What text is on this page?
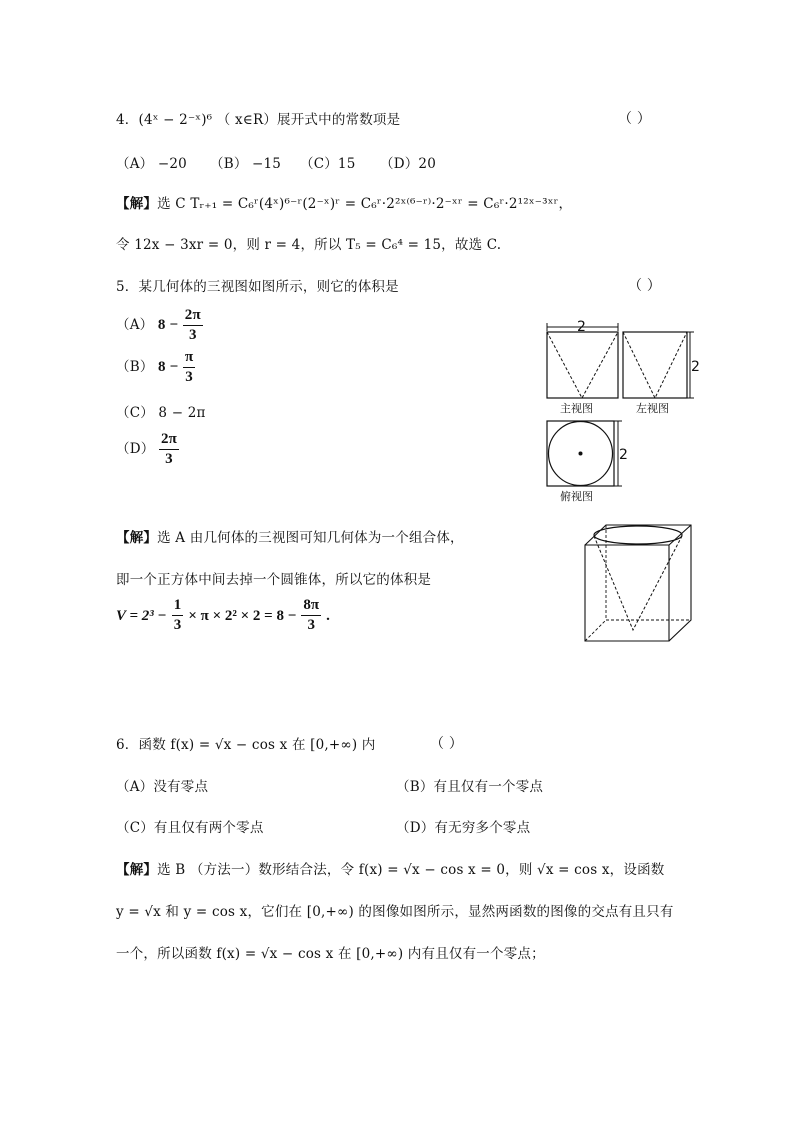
4．(4ˣ − 2⁻ˣ)⁶ （ x∈R）展开式中的常数项是	（ ）
（A） −20 （B） −15 （C）15 （D）20
【解】选 C Tᵣ₊₁ = C₆ʳ(4ˣ)⁶⁻ʳ(2⁻ˣ)ʳ = C₆ʳ·2²ˣ⁽⁶⁻ʳ⁾·2⁻ˣʳ = C₆ʳ·2¹²ˣ⁻³ˣʳ，
令 12x − 3xr = 0，则 r = 4，所以 T₅ = C₆⁴ = 15，故选 C.
5．某几何体的三视图如图所示，则它的体积是	（ ）
（A） $8 - \frac{2\pi}{3}$
（B） $8 - \frac{\pi}{3}$
（C） 8 − 2π
$(D) \frac{2\pi}{3}$
2
主视图
2
左视图
2
俯视图
【解】选 A 由几何体的三视图可知几何体为一个组合体，
即一个正方体中间去掉一个圆锥体，所以它的体积是
$V = 2^3 - \frac{1}{3} \times \pi \times 2^2 \times 2 = 8 - \frac{8\pi}{3}$ .
6．函数 f(x) = √x − cos x 在 [0,+∞) 内	（ ）
（A）没有零点	（B）有且仅有一个零点
（C）有且仅有两个零点	（D）有无穷多个零点
【解】选 B （方法一）数形结合法，令 f(x) = √x − cos x = 0，则 √x = cos x，设函数
y = √x 和 y = cos x，它们在 [0,+∞) 的图像如图所示，显然两函数的图像的交点有且只有
一个，所以函数 f(x) = √x − cos x 在 [0,+∞) 内有且仅有一个零点；
